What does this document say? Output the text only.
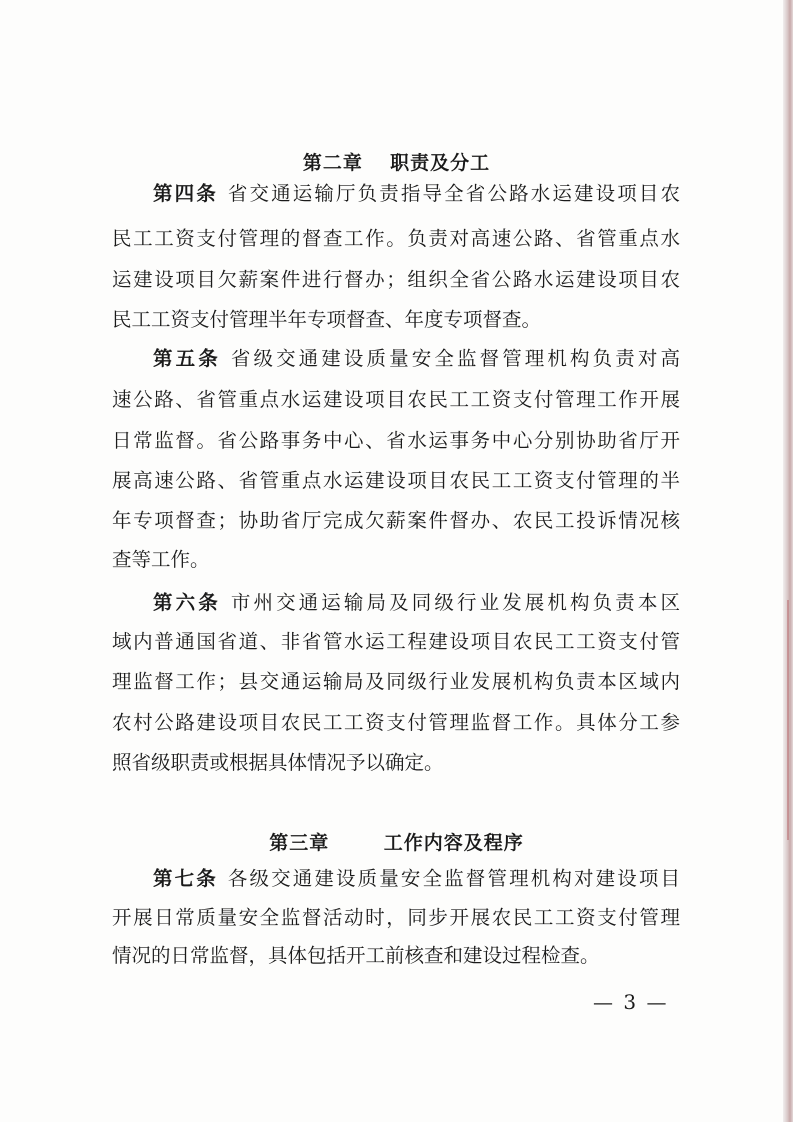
第二章  职责及分工
第四条 省交通运输厅负责指导全省公路水运建设项目农
民工工资支付管理的督查工作。负责对高速公路、省管重点水
运建设项目欠薪案件进行督办；组织全省公路水运建设项目农
民工工资支付管理半年专项督查、年度专项督查。
第五条 省级交通建设质量安全监督管理机构负责对高
速公路、省管重点水运建设项目农民工工资支付管理工作开展
日常监督。省公路事务中心、省水运事务中心分别协助省厅开
展高速公路、省管重点水运建设项目农民工工资支付管理的半
年专项督查；协助省厅完成欠薪案件督办、农民工投诉情况核
查等工作。
第六条 市州交通运输局及同级行业发展机构负责本区
域内普通国省道、非省管水运工程建设项目农民工工资支付管
理监督工作；县交通运输局及同级行业发展机构负责本区域内
农村公路建设项目农民工工资支付管理监督工作。具体分工参
照省级职责或根据具体情况予以确定。
第三章    工作内容及程序
第七条 各级交通建设质量安全监督管理机构对建设项目
开展日常质量安全监督活动时，同步开展农民工工资支付管理
情况的日常监督，具体包括开工前核查和建设过程检查。
— 3 —
